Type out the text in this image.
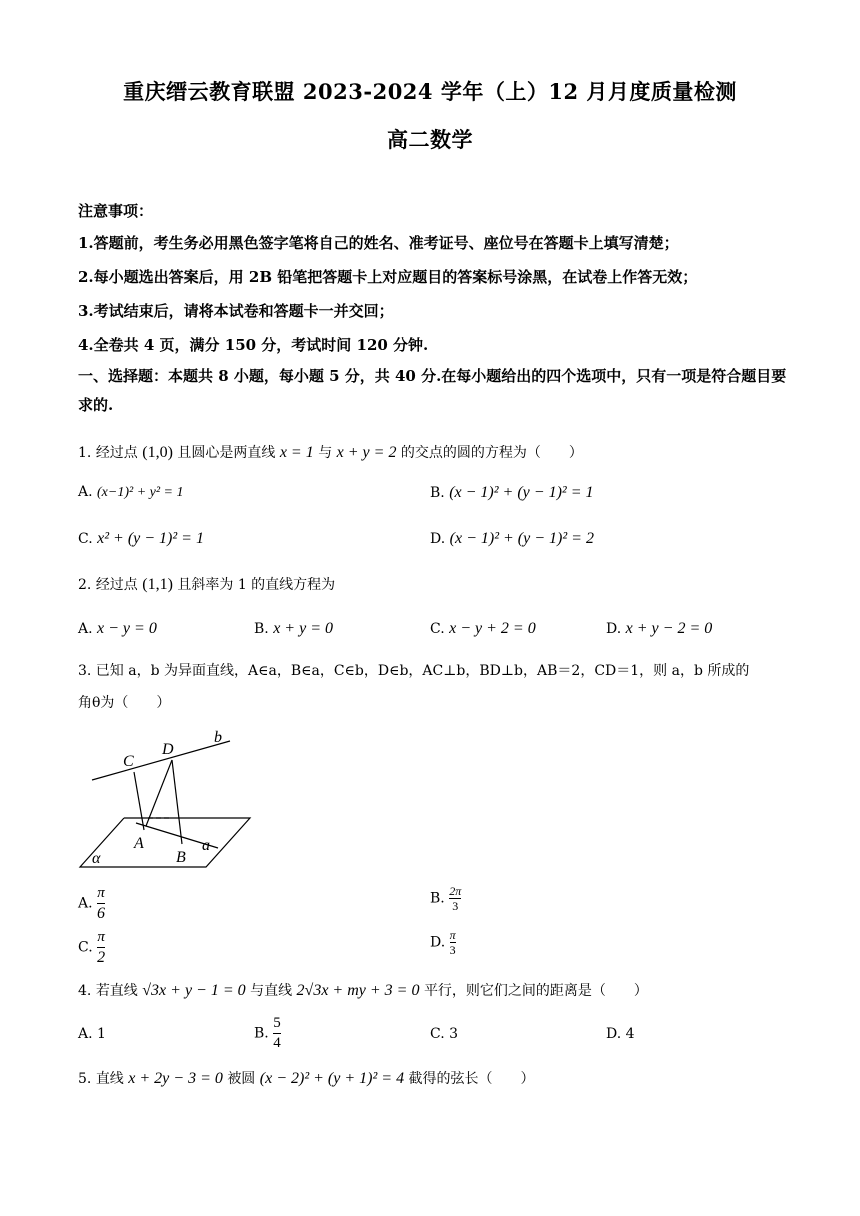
重庆缙云教育联盟 2023-2024 学年（上）12 月月度质量检测
高二数学
注意事项：
1.答题前，考生务必用黑色签字笔将自己的姓名、准考证号、座位号在答题卡上填写清楚；
2.每小题选出答案后，用 2B 铅笔把答题卡上对应题目的答案标号涂黑，在试卷上作答无效；
3.考试结束后，请将本试卷和答题卡一并交回；
4.全卷共 4 页，满分 150 分，考试时间 120 分钟.
一、选择题：本题共 8 小题，每小题 5 分，共 40 分.在每小题给出的四个选项中，只有一项是符合题目要求的.
1. 经过点 (1,0) 且圆心是两直线 x = 1 与 x + y = 2 的交点的圆的方程为（　　）
A. (x−1)² + y² = 1	B. (x − 1)² + (y − 1)² = 1
C. x² + (y − 1)² = 1	D. (x − 1)² + (y − 1)² = 2
2. 经过点 (1,1) 且斜率为 1 的直线方程为
A. x − y = 0	B. x + y = 0	C. x − y + 2 = 0	D. x + y − 2 = 0
3. 已知 a，b 为异面直线，A∈a，B∈a，C∈b，D∈b，AC⊥b，BD⊥b，AB＝2，CD＝1，则 a，b 所成的
角θ为（　　）
b
C
D
A
B
a
α
A. $\frac{\pi}{6}$	B. $\frac{2\pi}{3}$
C. $\frac{\pi}{2}$	D. $\frac{\pi}{3}$
4. 若直线 √3x + y − 1 = 0 与直线 2√3x + my + 3 = 0 平行，则它们之间的距离是（　　）
A. 1	B. $\frac{5}{4}$	C. 3	D. 4
5. 直线 x + 2y − 3 = 0 被圆 (x − 2)² + (y + 1)² = 4 截得的弦长（　　）
